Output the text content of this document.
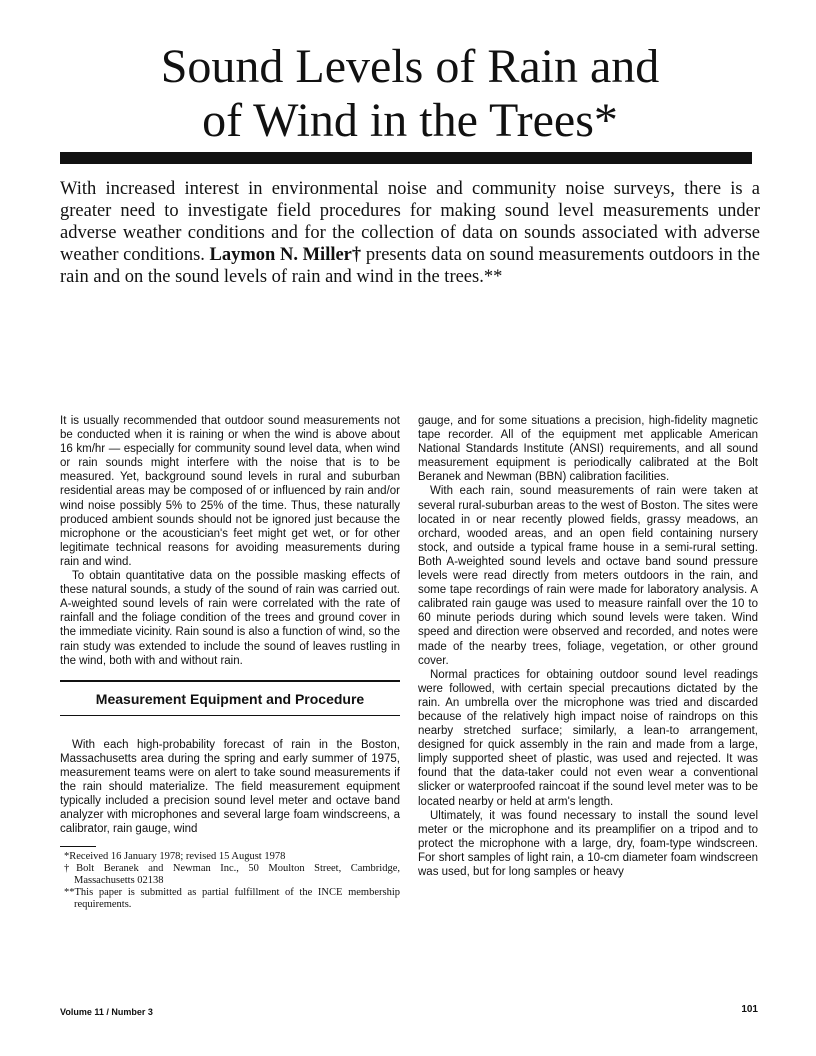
Sound Levels of Rain and
of Wind in the Trees*

With increased interest in environmental noise and community noise surveys, there is a greater need to investigate field procedures for making sound level measurements under adverse weather conditions and for the collection of data on sounds associated with adverse weather conditions. Laymon N. Miller† presents data on sound measurements outdoors in the rain and on the sound levels of rain and wind in the trees.**

It is usually recommended that outdoor sound measurements not be conducted when it is raining or when the wind is above about 16 km/hr — especially for community sound level data, when wind or rain sounds might interfere with the noise that is to be measured. Yet, background sound levels in rural and suburban residential areas may be composed of or influenced by rain and/or wind noise possibly 5% to 25% of the time. Thus, these naturally produced ambient sounds should not be ignored just because the microphone or the acoustician's feet might get wet, or for other legitimate technical reasons for avoiding measurements during rain and wind.

To obtain quantitative data on the possible masking effects of these natural sounds, a study of the sound of rain was carried out. A-weighted sound levels of rain were correlated with the rate of rainfall and the foliage condition of the trees and ground cover in the immediate vicinity. Rain sound is also a function of wind, so the rain study was extended to include the sound of leaves rustling in the wind, both with and without rain.

Measurement Equipment and Procedure

With each high-probability forecast of rain in the Boston, Massachusetts area during the spring and early summer of 1975, measurement teams were on alert to take sound measurements if the rain should materialize. The field measurement equipment typically included a precision sound level meter and octave band analyzer with microphones and several large foam windscreens, a calibrator, rain gauge, wind

*Received 16 January 1978; revised 15 August 1978
†Bolt Beranek and Newman Inc., 50 Moulton Street, Cambridge, Massachusetts 02138
**This paper is submitted as partial fulfillment of the INCE membership requirements.

gauge, and for some situations a precision, high-fidelity magnetic tape recorder. All of the equipment met applicable American National Standards Institute (ANSI) requirements, and all sound measurement equipment is periodically calibrated at the Bolt Beranek and Newman (BBN) calibration facilities.

With each rain, sound measurements of rain were taken at several rural-suburban areas to the west of Boston. The sites were located in or near recently plowed fields, grassy meadows, an orchard, wooded areas, and an open field containing nursery stock, and outside a typical frame house in a semi-rural setting. Both A-weighted sound levels and octave band sound pressure levels were read directly from meters outdoors in the rain, and some tape recordings of rain were made for laboratory analysis. A calibrated rain gauge was used to measure rainfall over the 10 to 60 minute periods during which sound levels were taken. Wind speed and direction were observed and recorded, and notes were made of the nearby trees, foliage, vegetation, or other ground cover.

Normal practices for obtaining outdoor sound level readings were followed, with certain special precautions dictated by the rain. An umbrella over the microphone was tried and discarded because of the relatively high impact noise of raindrops on this nearby stretched surface; similarly, a lean-to arrangement, designed for quick assembly in the rain and made from a large, limply supported sheet of plastic, was used and rejected. It was found that the data-taker could not even wear a conventional slicker or waterproofed raincoat if the sound level meter was to be located nearby or held at arm's length.

Ultimately, it was found necessary to install the sound level meter or the microphone and its preamplifier on a tripod and to protect the microphone with a large, dry, foam-type windscreen. For short samples of light rain, a 10-cm diameter foam windscreen was used, but for long samples or heavy

Volume 11 / Number 3	101
